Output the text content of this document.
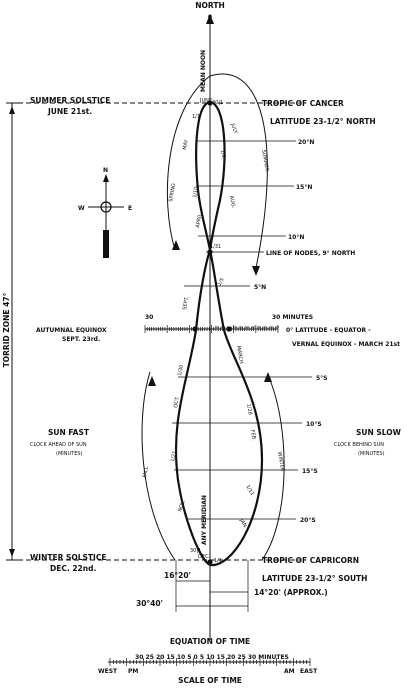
NORTH
0
MEAN NOON
SUMMER SOLSTICE
JUNE 21st.
TROPIC OF CANCER
LATITUDE 23-1/2° NORTH
WINTER SOLSTICE
DEC. 22nd.
TROPIC OF CAPRICORN
LATITUDE 23-1/2° SOUTH
20°N
15°N
10°N
5°N
5°S
10°S
15°S
20°S
LINE OF NODES, 9° NORTH
30	30 MINUTES
AUTUMNAL EQUINOX
SEPT. 23rd.
0° LATITUDE - EQUATOR -
VERNAL EQUINOX - MARCH 21st
TORRID ZONE 47°
N
W	E
SUN FAST
CLOCK AHEAD OF SUN
(MINUTES)
SUN SLOW
CLOCK BEHIND SUN
(MINUTES)
JUNE
JULY
MAY
AUG.
APRIL
SEPT.
MARCH
OCT.
FEB.
NOV.
JAN.
DEC.
30|1
1/1
1/6
1/10
1/31
1/5
1/30
1/28
1/21
1/11
30|1
1/1
SPRING
SUMMER
FALL
WINTER
ANY MERIDIAN
16°20'
14°20' (APPROX.)
30°40'
EQUATION OF TIME
30 25 20 15 10 5 0 5 10 15 20 25 30 MINUTES
WEST PM	AM EAST
SCALE OF TIME
